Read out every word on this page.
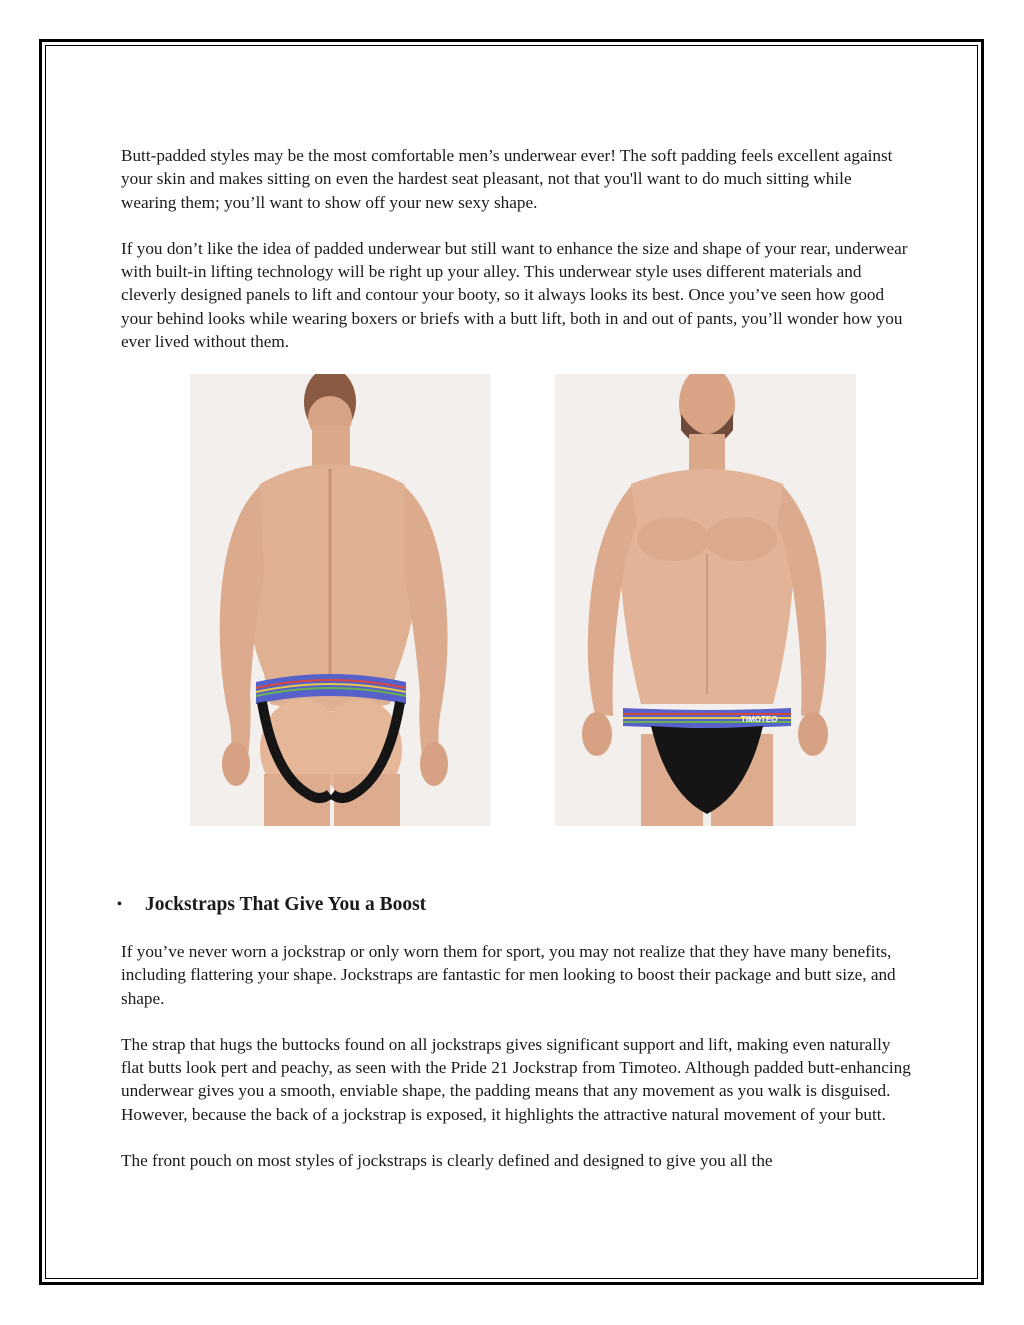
Butt-padded styles may be the most comfortable men’s underwear ever! The soft padding feels excellent against your skin and makes sitting on even the hardest seat pleasant, not that you'll want to do much sitting while wearing them; you’ll want to show off your new sexy shape.

If you don’t like the idea of padded underwear but still want to enhance the size and shape of your rear, underwear with built-in lifting technology will be right up your alley. This underwear style uses different materials and cleverly designed panels to lift and contour your booty, so it always looks its best. Once you’ve seen how good your behind looks while wearing boxers or briefs with a butt lift, both in and out of pants, you’ll wonder how you ever lived without them.

TIMOTEO
•	Jockstraps That Give You a Boost

If you’ve never worn a jockstrap or only worn them for sport, you may not realize that they have many benefits, including flattering your shape. Jockstraps are fantastic for men looking to boost their package and butt size, and shape.

The strap that hugs the buttocks found on all jockstraps gives significant support and lift, making even naturally flat butts look pert and peachy, as seen with the Pride 21 Jockstrap from Timoteo. Although padded butt-enhancing underwear gives you a smooth, enviable shape, the padding means that any movement as you walk is disguised. However, because the back of a jockstrap is exposed, it highlights the attractive natural movement of your butt.

The front pouch on most styles of jockstraps is clearly defined and designed to give you all the
